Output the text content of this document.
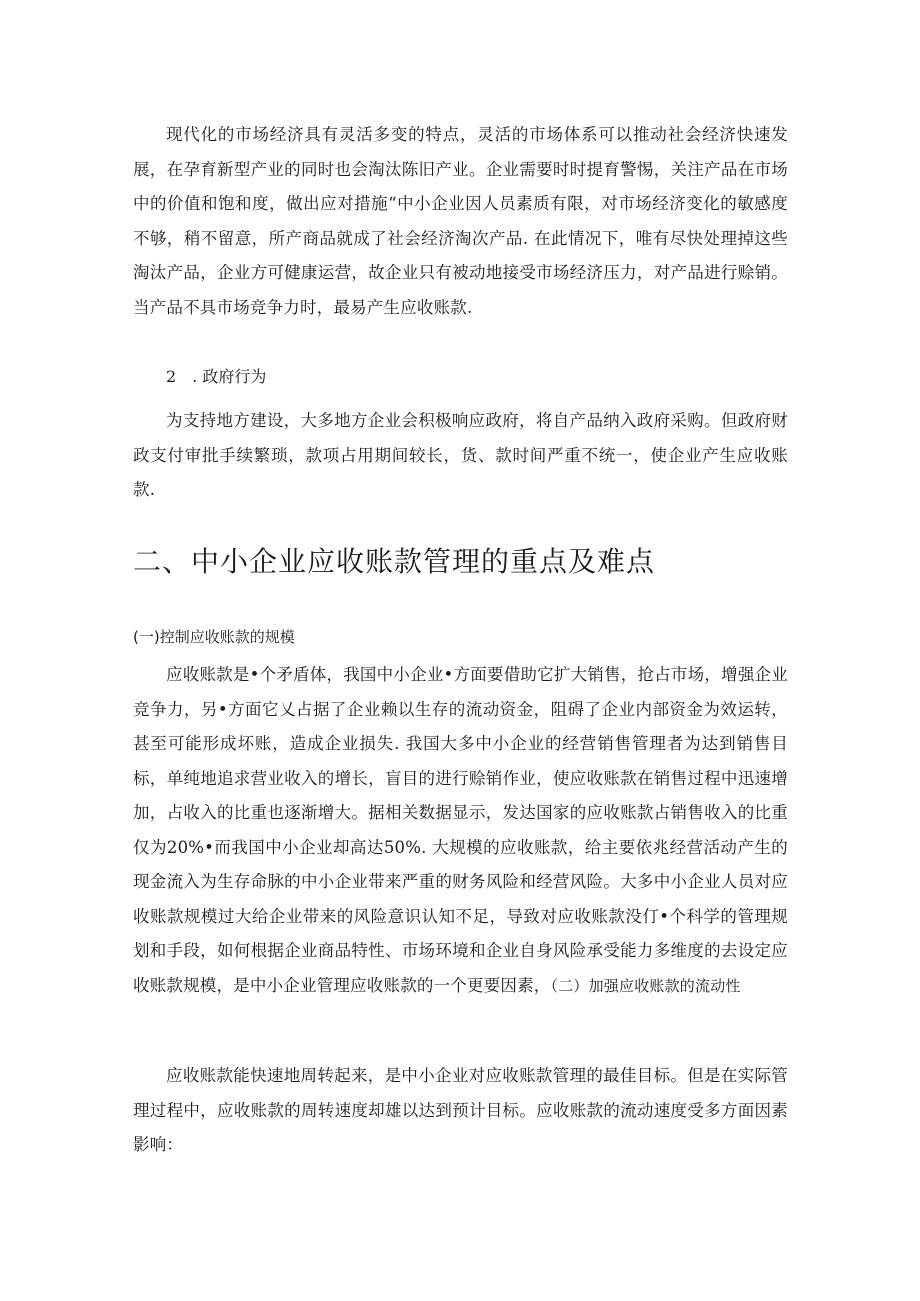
现代化的市场经济具有灵活多变的特点，灵活的市场体系可以推动社会经济快速发展，在孕育新型产业的同时也会淘汰陈旧产业。企业需要时时提育警惕，关注产品在市场中的价值和饱和度，做出应对措施“中小企业因人员素质有限，对市场经济变化的敏感度不够，稍不留意，所产商品就成了社会经济淘次产品. 在此情况下，唯有尽快处理掉这些淘汰产品，企业方可健康运营，故企业只有被动地接受市场经济压力，对产品进行赊销。当产品不具市场竞争力时，最易产生应收账款.

2　. 政府行为

为支持地方建设，大多地方企业会积极响应政府，将自产品纳入政府采购。但政府财政支付审批手续繁琐，款项占用期间较长，货、款时间严重不统一，使企业产生应收账款.

二、中小企业应收账款管理的重点及难点

(一)控制应收账款的规模

应收账款是•个矛盾体，我国中小企业•方面要借助它扩大销售，抢占市场，增强企业竞争力，另•方面它乂占据了企业赖以生存的流动资金，阻碍了企业内部资金为效运转，甚至可能形成坏账，造成企业损失. 我国大多中小企业的经营销售管理者为达到销售目标，单纯地追求营业收入的增长，盲目的进行赊销作业，使应收账款在销售过程中迅速增加，占收入的比重也逐渐增大。据相关数据显示，发达国家的应收账款占销售收入的比重仅为20%•而我国中小企业却高达50%. 大规模的应收账款，给主要依兆经营活动产生的现金流入为生存命脉的中小企业带来严重的财务风险和经营风险。大多中小企业人员对应收账款规模过大给企业带来的风险意识认知不足，导致对应收账款没仃•个科学的管理规划和手段，如何根据企业商品特性、市场环境和企业自身风险承受能力多维度的去设定应收账款规模，是中小企业管理应收账款的一个更要因素，（二）加强应收账款的流动性

应收账款能快速地周转起来，是中小企业对应收账款管理的最佳目标。但是在实际管理过程中，应收账款的周转速度却雄以达到预计目标。应收账款的流动速度受多方面因素影响：
